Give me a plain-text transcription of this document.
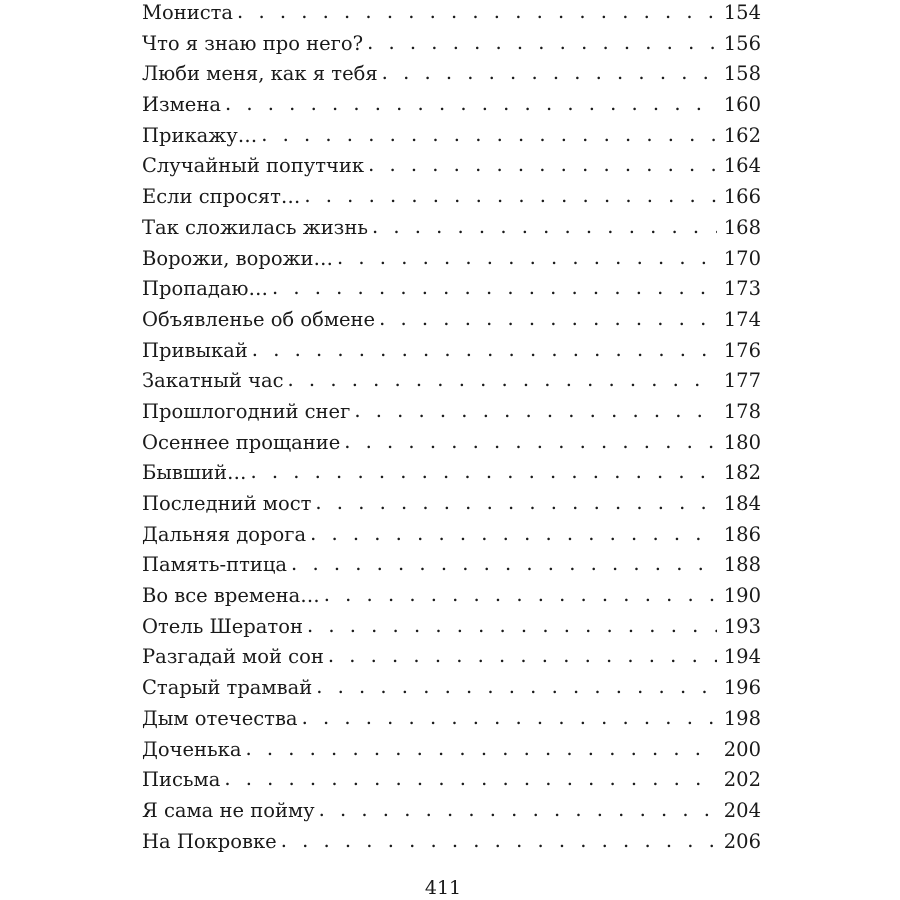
Мониста . . .	154
Что я знаю про него? . . .	156
Люби меня, как я тебя . . .	158
Измена . . .	160
Прикажу… . . .	162
Случайный попутчик . . .	164
Если спросят… . . .	166
Так сложилась жизнь . . .	168
Ворожи, ворожи… . . .	170
Пропадаю… . . .	173
Объявленье об обмене . . .	174
Привыкай . . .	176
Закатный час . . .	177
Прошлогодний снег . . .	178
Осеннее прощание . . .	180
Бывший… . . .	182
Последний мост . . .	184
Дальняя дорога . . .	186
Память-птица . . .	188
Во все времена… . . .	190
Отель Шератон . . .	193
Разгадай мой сон . . .	194
Старый трамвай . . .	196
Дым отечества . . .	198
Доченька . . .	200
Письма . . .	202
Я сама не пойму . . .	204
На Покровке . . .	206
411
